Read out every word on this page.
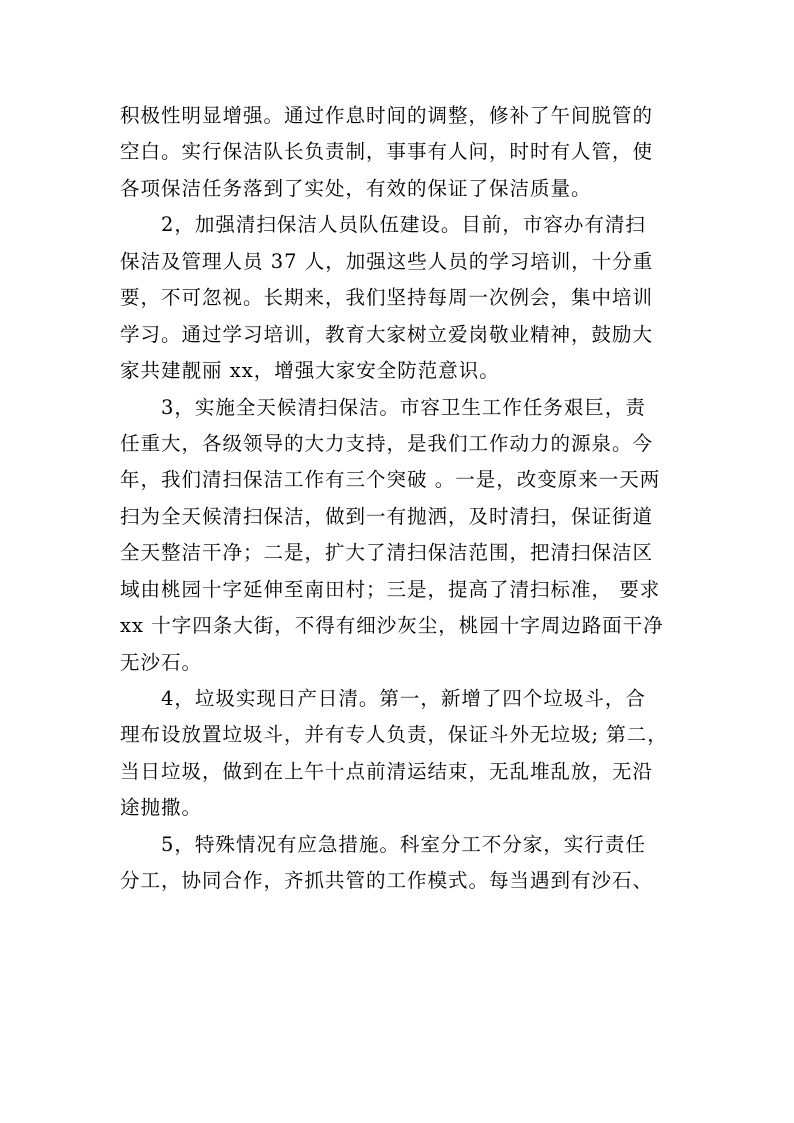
积极性明显增强。通过作息时间的调整，修补了午间脱管的
空白。实行保洁队长负责制，事事有人问，时时有人管，使
各项保洁任务落到了实处，有效的保证了保洁质量。
2，加强清扫保洁人员队伍建设。目前，市容办有清扫
保洁及管理人员 37 人，加强这些人员的学习培训，十分重
要，不可忽视。长期来，我们坚持每周一次例会，集中培训
学习。通过学习培训，教育大家树立爱岗敬业精神，鼓励大
家共建靓丽 xx，增强大家安全防范意识。
3，实施全天候清扫保洁。市容卫生工作任务艰巨，责
任重大，各级领导的大力支持，是我们工作动力的源泉。今
年，我们清扫保洁工作有三个突破 。一是，改变原来一天两
扫为全天候清扫保洁，做到一有抛洒，及时清扫，保证街道
全天整洁干净；二是，扩大了清扫保洁范围，把清扫保洁区
域由桃园十字延伸至南田村；三是，提高了清扫标准， 要求
xx 十字四条大街，不得有细沙灰尘，桃园十字周边路面干净
无沙石。
4，垃圾实现日产日清。第一，新增了四个垃圾斗，合
理布设放置垃圾斗，并有专人负责，保证斗外无垃圾; 第二，
当日垃圾，做到在上午十点前清运结束，无乱堆乱放，无沿
途抛撒。
5，特殊情况有应急措施。科室分工不分家，实行责任
分工，协同合作，齐抓共管的工作模式。每当遇到有沙石、
